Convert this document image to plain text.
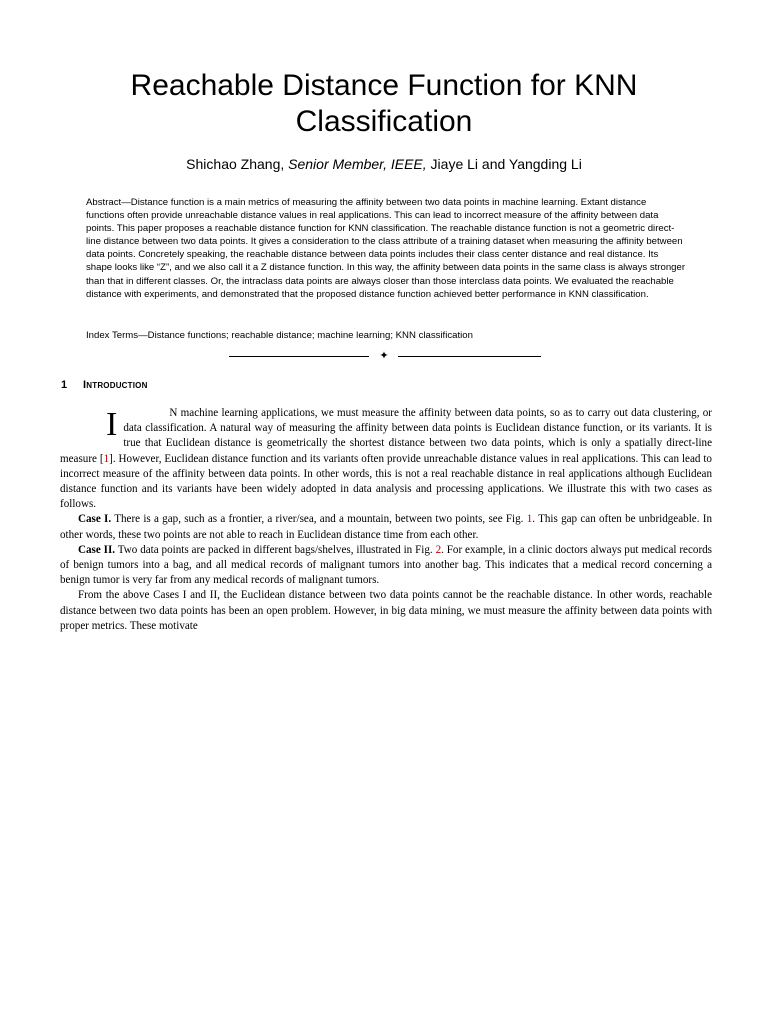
Reachable Distance Function for KNN Classification
Shichao Zhang, Senior Member, IEEE, Jiaye Li and Yangding Li

Abstract—Distance function is a main metrics of measuring the affinity between two data points in machine learning. Extant distance functions often provide unreachable distance values in real applications. This can lead to incorrect measure of the affinity between data points. This paper proposes a reachable distance function for KNN classification. The reachable distance function is not a geometric direct-line distance between two data points. It gives a consideration to the class attribute of a training dataset when measuring the affinity between data points. Concretely speaking, the reachable distance between data points includes their class center distance and real distance. Its shape looks like “Z”, and we also call it a Z distance function. In this way, the affinity between data points in the same class is always stronger than that in different classes. Or, the intraclass data points are always closer than those interclass data points. We evaluated the reachable distance with experiments, and demonstrated that the proposed distance function achieved better performance in KNN classification.

Index Terms—Distance functions; reachable distance; machine learning; KNN classification

✦
1 Introduction

I	N machine learning applications, we must measure the affinity between data points, so as to carry out data clustering, or data classification. A natural way of measuring the affinity between data points is Euclidean distance function, or its variants. It is true that Euclidean distance is geometrically the shortest distance between two data points, which is only a spatially direct-line measure [1]. However, Euclidean distance function and its variants often provide unreachable distance values in real applications. This can lead to incorrect measure of the affinity between data points. In other words, this is not a real reachable distance in real applications although Euclidean distance function and its variants have been widely adopted in data analysis and processing applications. We illustrate this with two cases as follows.

Case I. There is a gap, such as a frontier, a river/sea, and a mountain, between two points, see Fig. 1. This gap can often be unbridgeable. In other words, these two points are not able to reach in Euclidean distance time from each other.

Case II. Two data points are packed in different bags/shelves, illustrated in Fig. 2. For example, in a clinic doctors always put medical records of benign tumors into a bag, and all medical records of malignant tumors into another bag. This indicates that a medical record concerning a benign tumor is very far from any medical records of malignant tumors.

From the above Cases I and II, the Euclidean distance between two data points cannot be the reachable distance. In other words, reachable distance between two data points has been an open problem. However, in big data mining, we must measure the affinity between data points with proper metrics. These motivate
